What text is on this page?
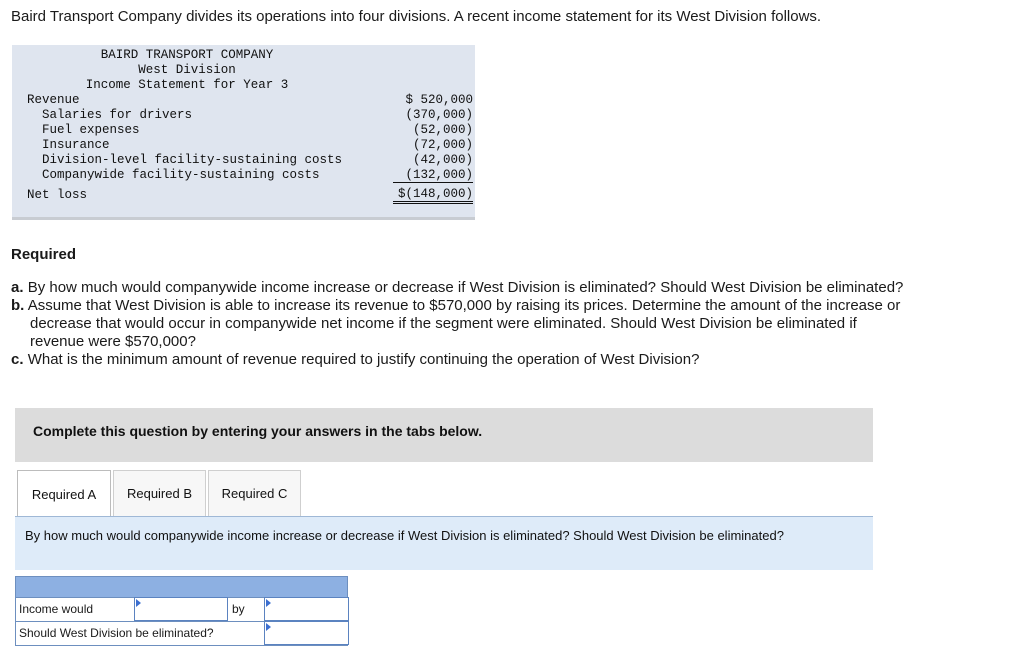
Baird Transport Company divides its operations into four divisions. A recent income statement for its West Division follows.
BAIRD TRANSPORT COMPANY
West Division
Income Statement for Year 3
Revenue	$ 520,000
Salaries for drivers	(370,000)
Fuel expenses	(52,000)
Insurance	(72,000)
Division-level facility-sustaining costs	(42,000)
Companywide facility-sustaining costs	(132,000)
Net loss	$(148,000)
Required
a. By how much would companywide income increase or decrease if West Division is eliminated? Should West Division be eliminated?
b. Assume that West Division is able to increase its revenue to $570,000 by raising its prices. Determine the amount of the increase or
decrease that would occur in companywide net income if the segment were eliminated. Should West Division be eliminated if
revenue were $570,000?
c. What is the minimum amount of revenue required to justify continuing the operation of West Division?
Complete this question by entering your answers in the tabs below.
Required A	Required B	Required C
By how much would companywide income increase or decrease if West Division is eliminated? Should West Division be eliminated?
Income would	by
Should West Division be eliminated?
